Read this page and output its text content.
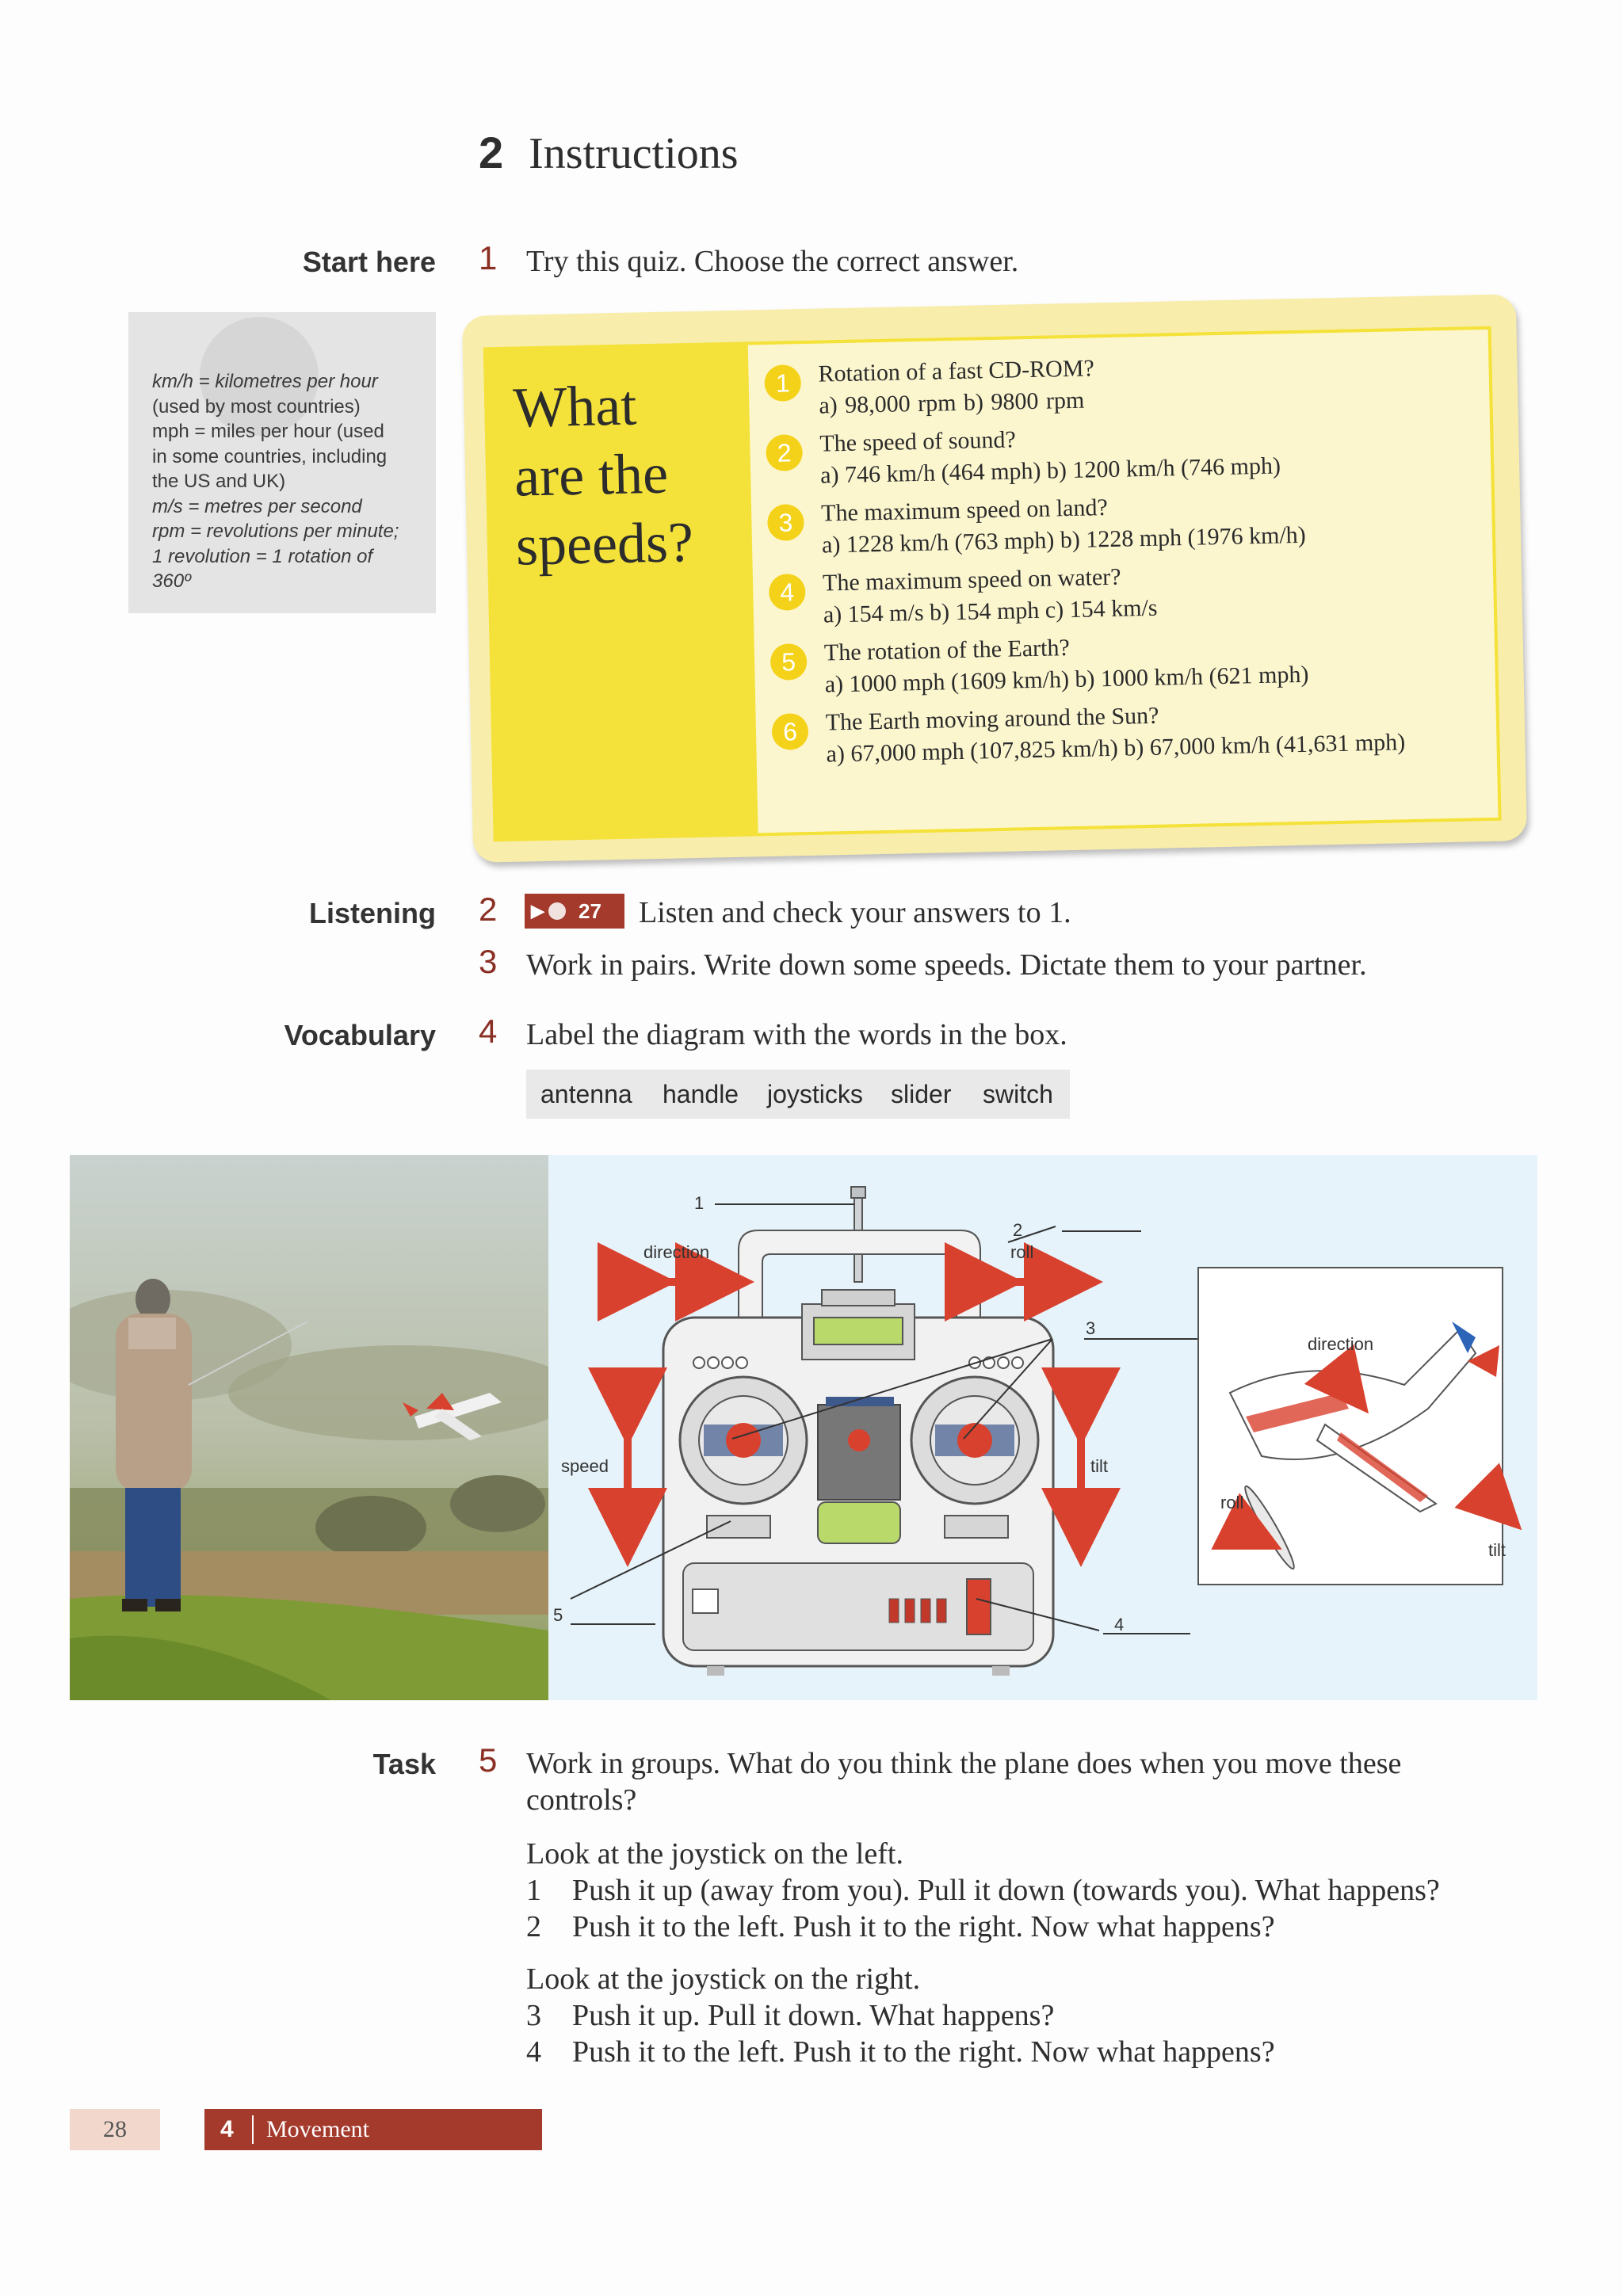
2 Instructions
Start here 1 Try this quiz. Choose the correct answer.
km/h = kilometres per hour
(used by most countries)
mph = miles per hour (used
in some countries, including
the US and UK)
m/s = metres per second
rpm = revolutions per minute;
1 revolution = 1 rotation of
360º
What
are the
speeds?
1	Rotation of a fast CD-ROM?
a) 98,000 rpm b) 9800 rpm
2	The speed of sound?
a) 746 km/h (464 mph) b) 1200 km/h (746 mph)
3	The maximum speed on land?
a) 1228 km/h (763 mph) b) 1228 mph (1976 km/h)
4	The maximum speed on water?
a) 154 m/s b) 154 mph c) 154 km/s
5	The rotation of the Earth?
a) 1000 mph (1609 km/h) b) 1000 km/h (621 mph)
6	The Earth moving around the Sun?
a) 67,000 mph (107,825 km/h) b) 67,000 km/h (41,631 mph)
Listening 2 ▶ 27 Listen and check your answers to 1.
3 Work in pairs. Write down some speeds. Dictate them to your partner.
Vocabulary 4 Label the diagram with the words in the box.
antenna handle joysticks slider switch
1
2
3
4
5
direction	roll
speed	tilt
direction
roll
tilt
Task 5 Work in groups. What do you think the plane does when you move these
controls?
Look at the joystick on the left.
1 Push it up (away from you). Pull it down (towards you). What happens?
2 Push it to the left. Push it to the right. Now what happens?
Look at the joystick on the right.
3 Push it up. Pull it down. What happens?
4 Push it to the left. Push it to the right. Now what happens?
28	4 Movement
